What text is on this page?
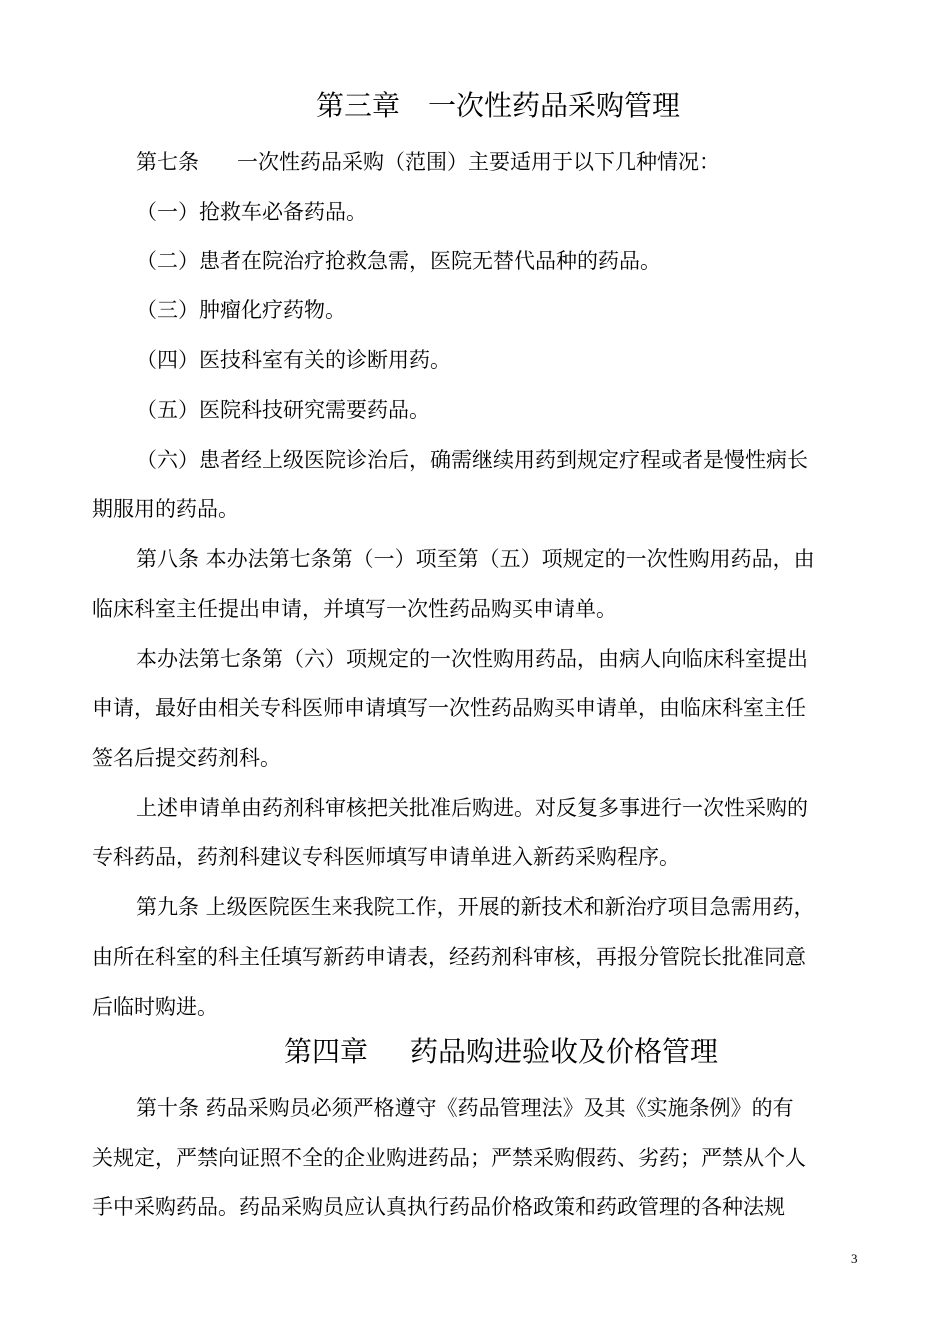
第三章 一次性药品采购管理
第七条 一次性药品采购（范围）主要适用于以下几种情况：
（一）抢救车必备药品。
（二）患者在院治疗抢救急需，医院无替代品种的药品。
（三）肿瘤化疗药物。
（四）医技科室有关的诊断用药。
（五）医院科技研究需要药品。
（六）患者经上级医院诊治后，确需继续用药到规定疗程或者是慢性病长
期服用的药品。
第八条 本办法第七条第（一）项至第（五）项规定的一次性购用药品，由
临床科室主任提出申请，并填写一次性药品购买申请单。
本办法第七条第（六）项规定的一次性购用药品，由病人向临床科室提出
申请，最好由相关专科医师申请填写一次性药品购买申请单，由临床科室主任
签名后提交药剂科。
上述申请单由药剂科审核把关批准后购进。对反复多事进行一次性采购的
专科药品，药剂科建议专科医师填写申请单进入新药采购程序。
第九条 上级医院医生来我院工作，开展的新技术和新治疗项目急需用药，
由所在科室的科主任填写新药申请表，经药剂科审核，再报分管院长批准同意
后临时购进。
第四章 药品购进验收及价格管理
第十条 药品采购员必须严格遵守《药品管理法》及其《实施条例》的有
关规定，严禁向证照不全的企业购进药品；严禁采购假药、劣药；严禁从个人
手中采购药品。药品采购员应认真执行药品价格政策和药政管理的各种法规
3
